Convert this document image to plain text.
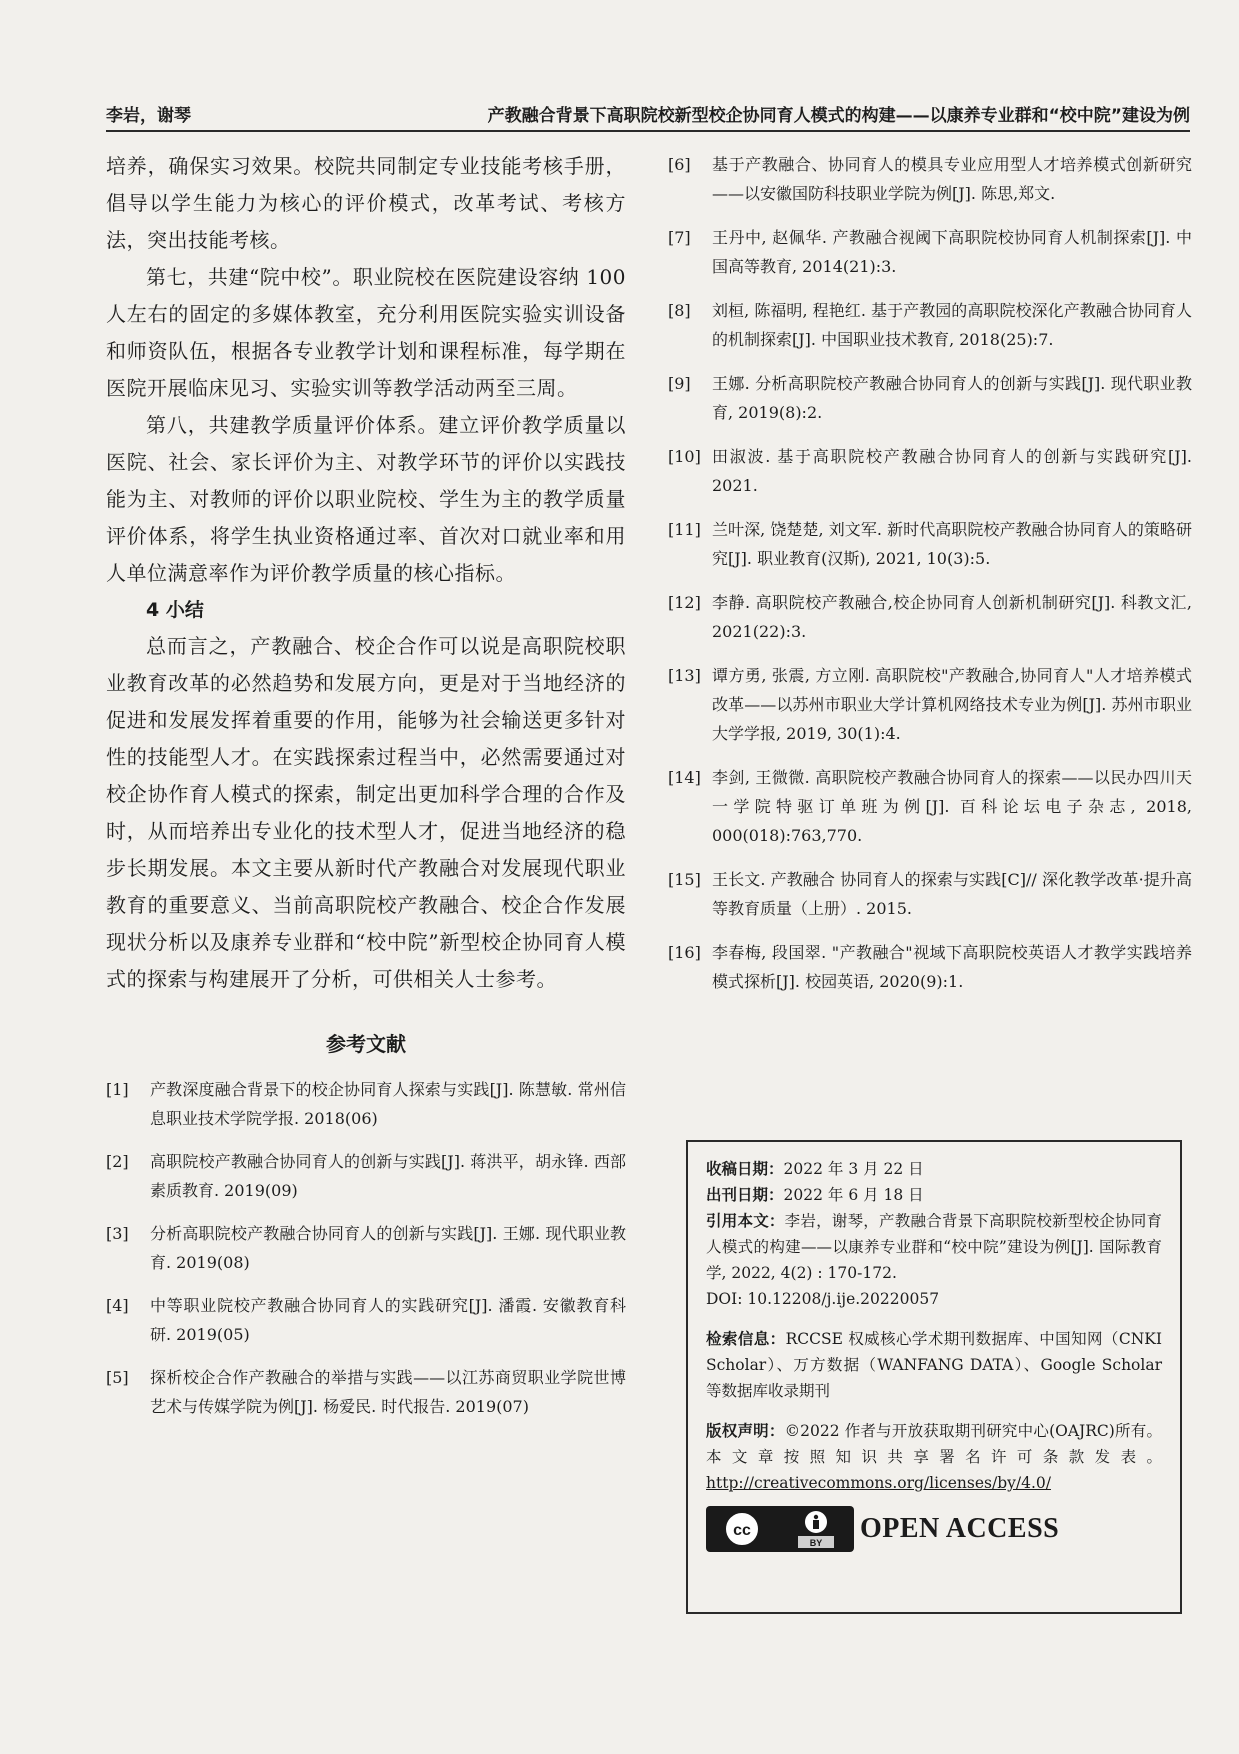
李岩，谢琴	产教融合背景下高职院校新型校企协同育人模式的构建——以康养专业群和“校中院”建设为例

培养，确保实习效果。校院共同制定专业技能考核手册，倡导以学生能力为核心的评价模式，改革考试、考核方法，突出技能考核。

第七，共建“院中校”。职业院校在医院建设容纳 100 人左右的固定的多媒体教室，充分利用医院实验实训设备和师资队伍，根据各专业教学计划和课程标准，每学期在医院开展临床见习、实验实训等教学活动两至三周。

第八，共建教学质量评价体系。建立评价教学质量以医院、社会、家长评价为主、对教学环节的评价以实践技能为主、对教师的评价以职业院校、学生为主的教学质量评价体系，将学生执业资格通过率、首次对口就业率和用人单位满意率作为评价教学质量的核心指标。

4 小结

总而言之，产教融合、校企合作可以说是高职院校职业教育改革的必然趋势和发展方向，更是对于当地经济的促进和发展发挥着重要的作用，能够为社会输送更多针对性的技能型人才。在实践探索过程当中，必然需要通过对校企协作育人模式的探索，制定出更加科学合理的合作及时，从而培养出专业化的技术型人才，促进当地经济的稳步长期发展。本文主要从新时代产教融合对发展现代职业教育的重要意义、当前高职院校产教融合、校企合作发展现状分析以及康养专业群和“校中院”新型校企协同育人模式的探索与构建展开了分析，可供相关人士参考。

参考文献
[1]	产教深度融合背景下的校企协同育人探索与实践[J]. 陈慧敏. 常州信息职业技术学院学报. 2018(06)
[2]	高职院校产教融合协同育人的创新与实践[J]. 蒋洪平，胡永锋. 西部素质教育. 2019(09)
[3]	分析高职院校产教融合协同育人的创新与实践[J]. 王娜. 现代职业教育. 2019(08)
[4]	中等职业院校产教融合协同育人的实践研究[J]. 潘霞. 安徽教育科研. 2019(05)
[5]	探析校企合作产教融合的举措与实践——以江苏商贸职业学院世博艺术与传媒学院为例[J]. 杨爱民. 时代报告. 2019(07)
[6]	基于产教融合、协同育人的模具专业应用型人才培养模式创新研究——以安徽国防科技职业学院为例[J]. 陈思,郑文.
[7]	王丹中, 赵佩华. 产教融合视阈下高职院校协同育人机制探索[J]. 中国高等教育, 2014(21):3.
[8]	刘桓, 陈福明, 程艳红. 基于产教园的高职院校深化产教融合协同育人的机制探索[J]. 中国职业技术教育, 2018(25):7.
[9]	王娜. 分析高职院校产教融合协同育人的创新与实践[J]. 现代职业教育, 2019(8):2.
[10] 田淑波. 基于高职院校产教融合协同育人的创新与实践研究[J]. 2021.
[11] 兰叶深, 饶楚楚, 刘文军. 新时代高职院校产教融合协同育人的策略研究[J]. 职业教育(汉斯), 2021, 10(3):5.
[12] 李静. 高职院校产教融合,校企协同育人创新机制研究[J]. 科教文汇, 2021(22):3.
[13] 谭方勇, 张震, 方立刚. 高职院校"产教融合,协同育人"人才培养模式改革——以苏州市职业大学计算机网络技术专业为例[J]. 苏州市职业大学学报, 2019, 30(1):4.
[14] 李剑, 王微微. 高职院校产教融合协同育人的探索——以民办四川天一学院特驱订单班为例[J]. 百科论坛电子杂志, 2018, 000(018):763,770.
[15] 王长文. 产教融合 协同育人的探索与实践[C]// 深化教学改革·提升高等教育质量（上册）. 2015.
[16] 李春梅, 段国翠. "产教融合"视域下高职院校英语人才教学实践培养模式探析[J]. 校园英语, 2020(9):1.

收稿日期：2022 年 3 月 22 日

出刊日期：2022 年 6 月 18 日

引用本文：李岩，谢琴，产教融合背景下高职院校新型校企协同育人模式的构建——以康养专业群和“校中院”建设为例[J]. 国际教育学, 2022, 4(2) : 170-172.

DOI: 10.12208/j.ije.20220057

检索信息：RCCSE 权威核心学术期刊数据库、中国知网（CNKI Scholar）、万方数据（WANFANG DATA）、Google Scholar 等数据库收录期刊

版权声明：©2022 作者与开放获取期刊研究中心(OAJRC)所有。本文章按照知识共享署名许可条款发表。http://creativecommons.org/licenses/by/4.0/

cc
BY OPEN ACCESS
